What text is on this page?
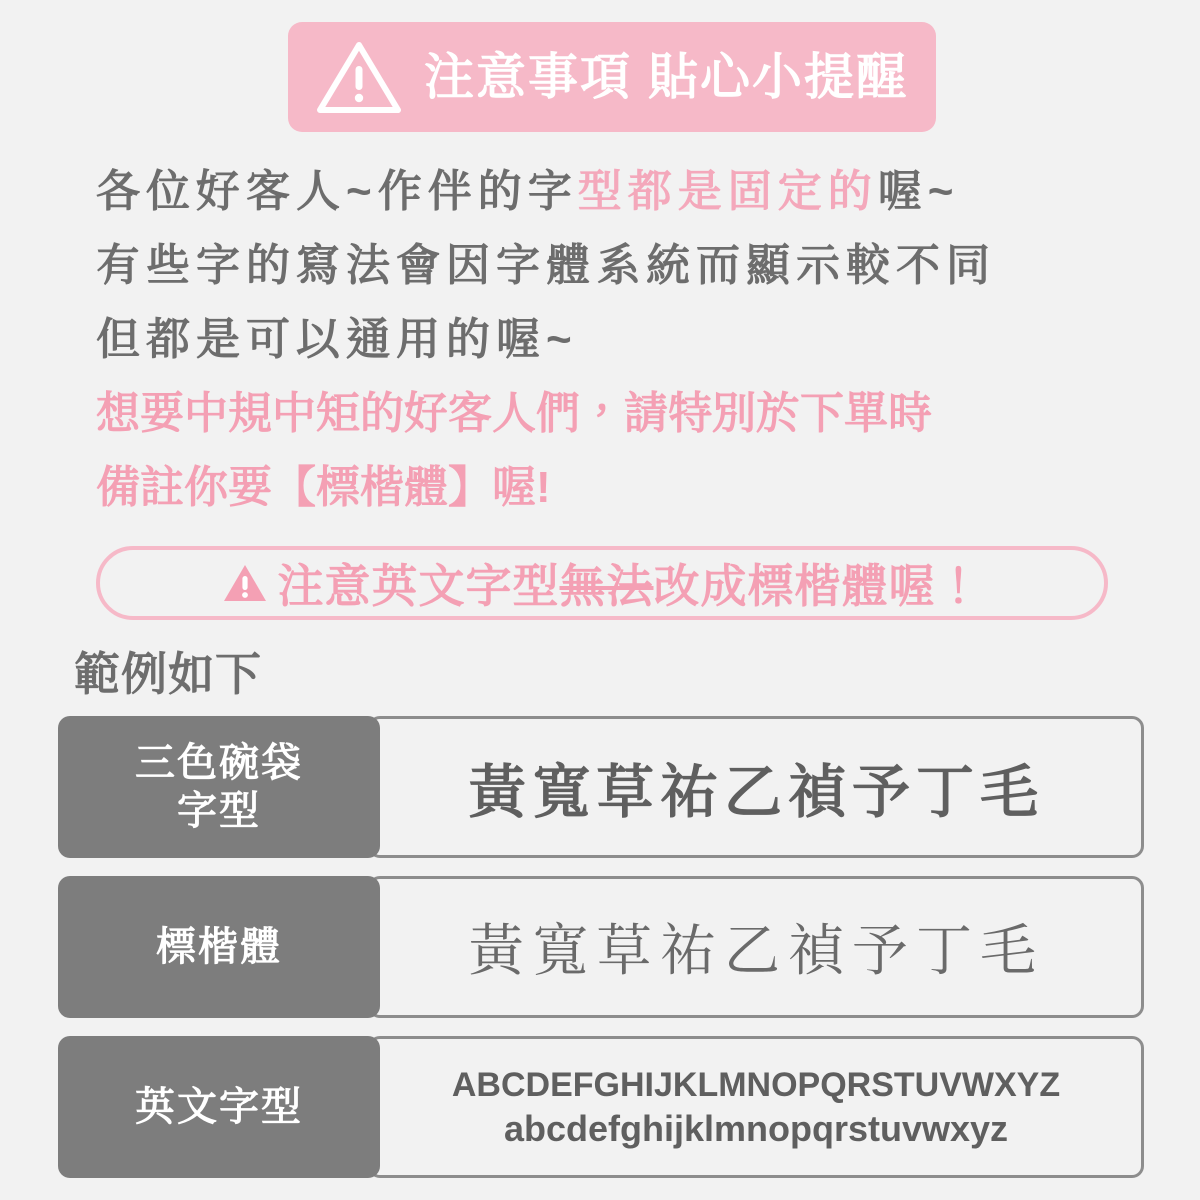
注意事項 貼心小提醒
各位好客人~作伴的字型都是固定的喔~
有些字的寫法會因字體系統而顯示較不同
但都是可以通用的喔~
想要中規中矩的好客人們，請特別於下單時
備註你要【標楷體】喔!
注意英文字型無法改成標楷體喔！
範例如下
三色碗袋
字型	黃寬草祐乙禎予丁毛
標楷體	黃寬草祐乙禎予丁毛
英文字型	ABCDEFGHIJKLMNOPQRSTUVWXYZ
abcdefghijklmnopqrstuvwxyz
